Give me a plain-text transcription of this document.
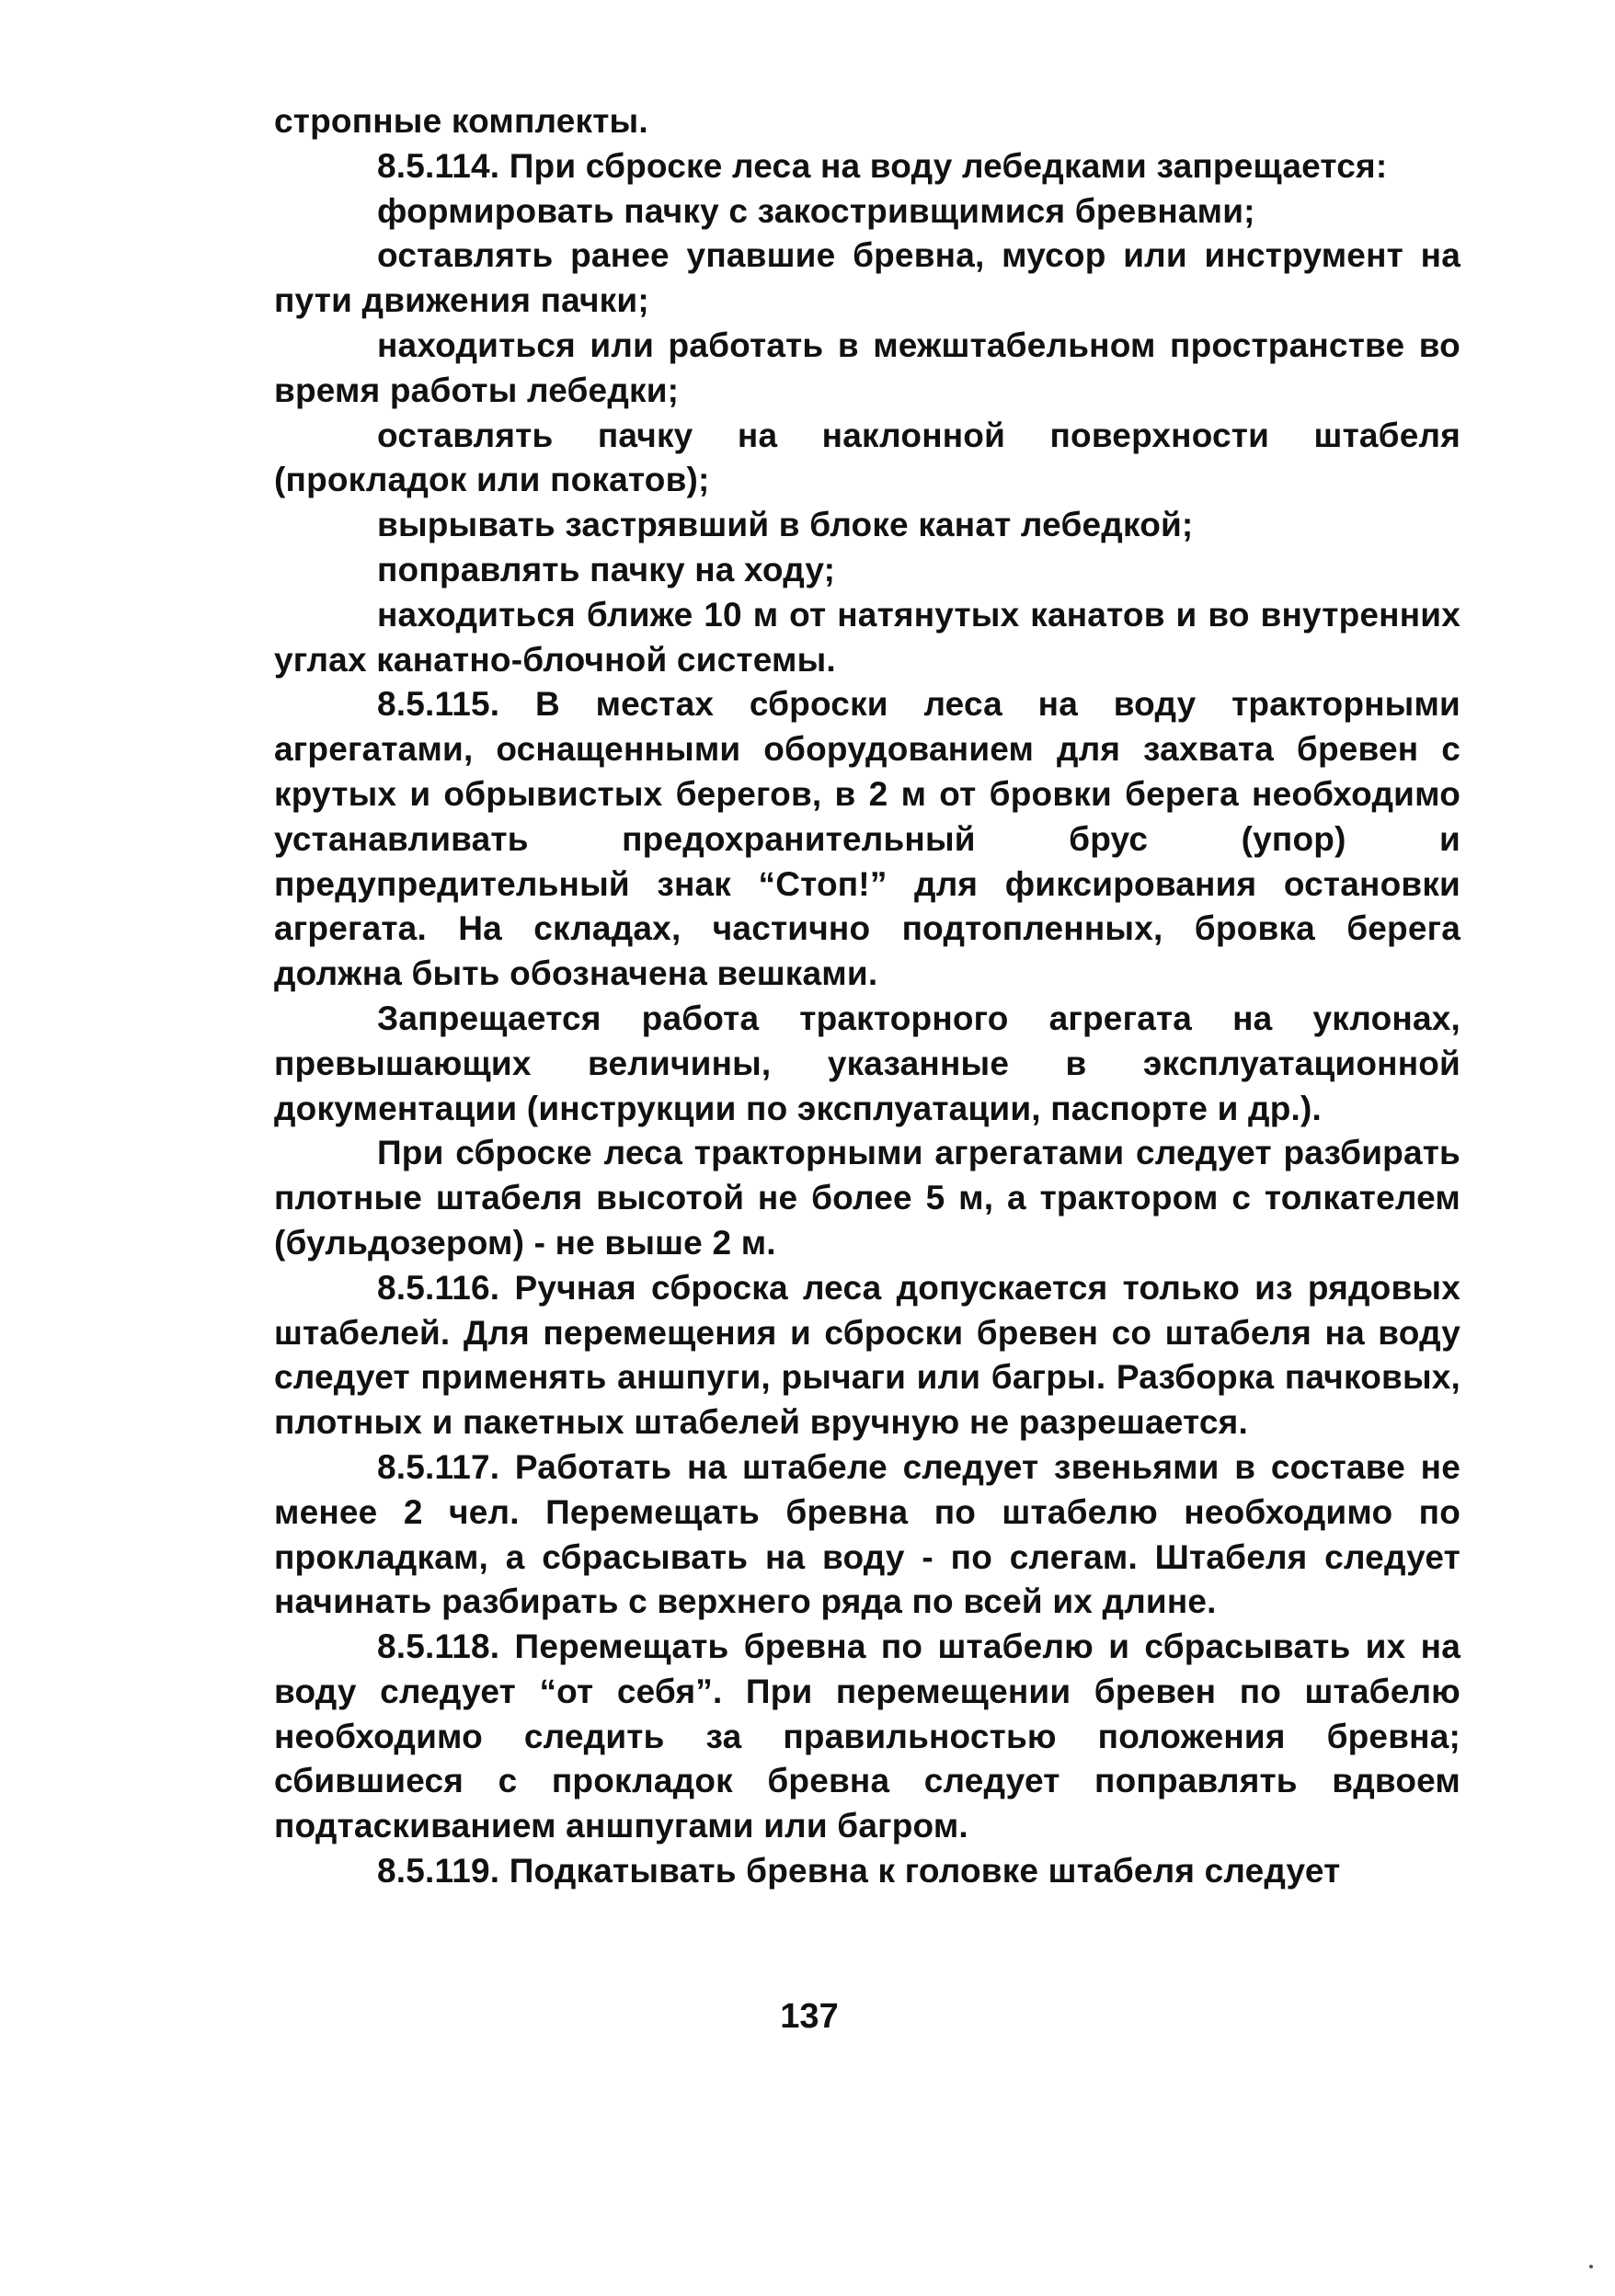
стропные комплекты.

8.5.114. При сброске леса на воду лебедками запрещается:

формировать пачку с закостривщимися бревнами;

оставлять ранее упавшие бревна, мусор или инструмент на пути движения пачки;

находиться или работать в межштабельном пространстве во время работы лебедки;

оставлять пачку на наклонной поверхности штабеля (прокладок или покатов);

вырывать застрявший в блоке канат лебедкой;

поправлять пачку на ходу;

находиться ближе 10 м от натянутых канатов и во внутренних углах канатно-блочной системы.

8.5.115. В местах сброски леса на воду тракторными агрегатами, оснащенными оборудованием для захвата бревен с крутых и обрывистых берегов, в 2 м от бровки берега необходимо устанавливать предохранительный брус (упор) и предупредительный знак “Стоп!” для фиксирования остановки агрегата. На складах, частично подтопленных, бровка берега должна быть обозначена вешками.

Запрещается работа тракторного агрегата на уклонах, превышающих величины, указанные в эксплуатационной документации (инструкции по эксплуатации, паспорте и др.).

При сброске леса тракторными агрегатами следует разбирать плотные штабеля высотой не более 5 м, а трактором с толкателем (бульдозером) - не выше 2 м.

8.5.116. Ручная сброска леса допускается только из рядовых штабелей. Для перемещения и сброски бревен со штабеля на воду следует применять аншпуги, рычаги или багры. Разборка пачковых, плотных и пакетных штабелей вручную не разрешается.

8.5.117. Работать на штабеле следует звеньями в составе не менее 2 чел. Перемещать бревна по штабелю необходимо по прокладкам, а сбрасывать на воду - по слегам. Штабеля следует начинать разбирать с верхнего ряда по всей их длине.

8.5.118. Перемещать бревна по штабелю и сбрасывать их на воду следует “от себя”. При перемещении бревен по штабелю необходимо следить за правильностью положения бревна; сбившиеся с прокладок бревна следует поправлять вдвоем подтаскиванием аншпугами или багром.

8.5.119. Подкатывать бревна к головке штабеля следует

137
